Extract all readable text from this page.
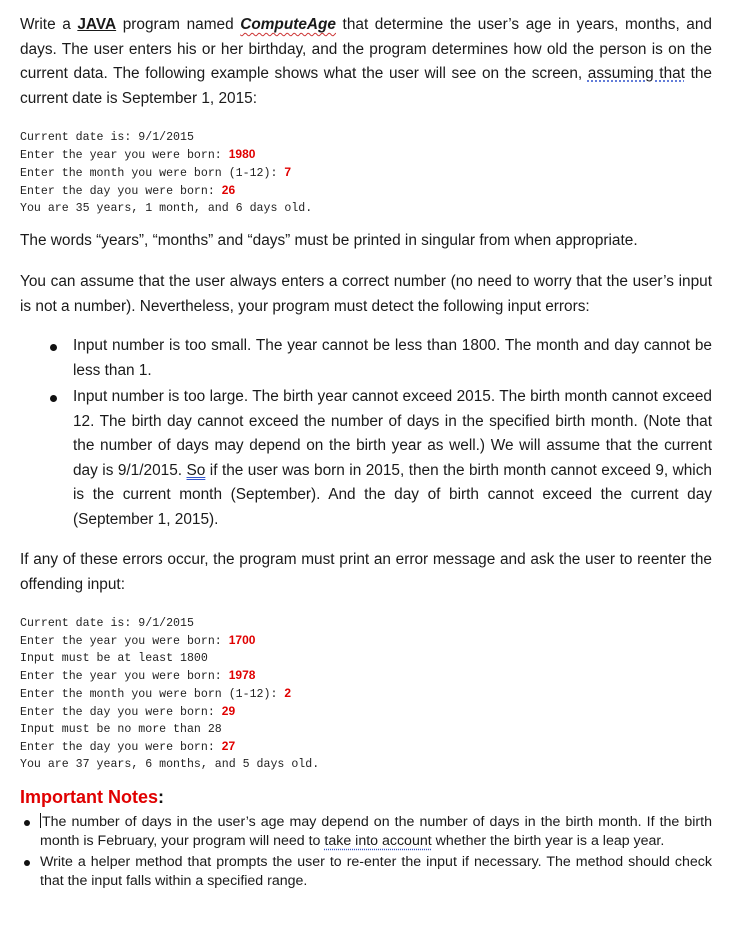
Write a JAVA program named ComputeAge that determine the user’s age in years, months, and days. The user enters his or her birthday, and the program determines how old the person is on the current data. The following example shows what the user will see on the screen, assuming that the current date is September 1, 2015:
Current date is: 9/1/2015
Enter the year you were born: 1980
Enter the month you were born (1-12): 7
Enter the day you were born: 26
You are 35 years, 1 month, and 6 days old.
The words “years”, “months” and “days” must be printed in singular from when appropriate.
You can assume that the user always enters a correct number (no need to worry that the user’s input is not a number). Nevertheless, your program must detect the following input errors:
Input number is too small. The year cannot be less than 1800. The month and day cannot be less than 1.
Input number is too large. The birth year cannot exceed 2015. The birth month cannot exceed 12. The birth day cannot exceed the number of days in the specified birth month. (Note that the number of days may depend on the birth year as well.) We will assume that the current day is 9/1/2015. So if the user was born in 2015, then the birth month cannot exceed 9, which is the current month (September). And the day of birth cannot exceed the current day (September 1, 2015).
If any of these errors occur, the program must print an error message and ask the user to reenter the offending input:
Current date is: 9/1/2015
Enter the year you were born: 1700
Input must be at least 1800
Enter the year you were born: 1978
Enter the month you were born (1-12): 2
Enter the day you were born: 29
Input must be no more than 28
Enter the day you were born: 27
You are 37 years, 6 months, and 5 days old.
Important Notes:
The number of days in the user’s age may depend on the number of days in the birth month. If the birth month is February, your program will need to take into account whether the birth year is a leap year.
Write a helper method that prompts the user to re-enter the input if necessary. The method should check that the input falls within a specified range.
